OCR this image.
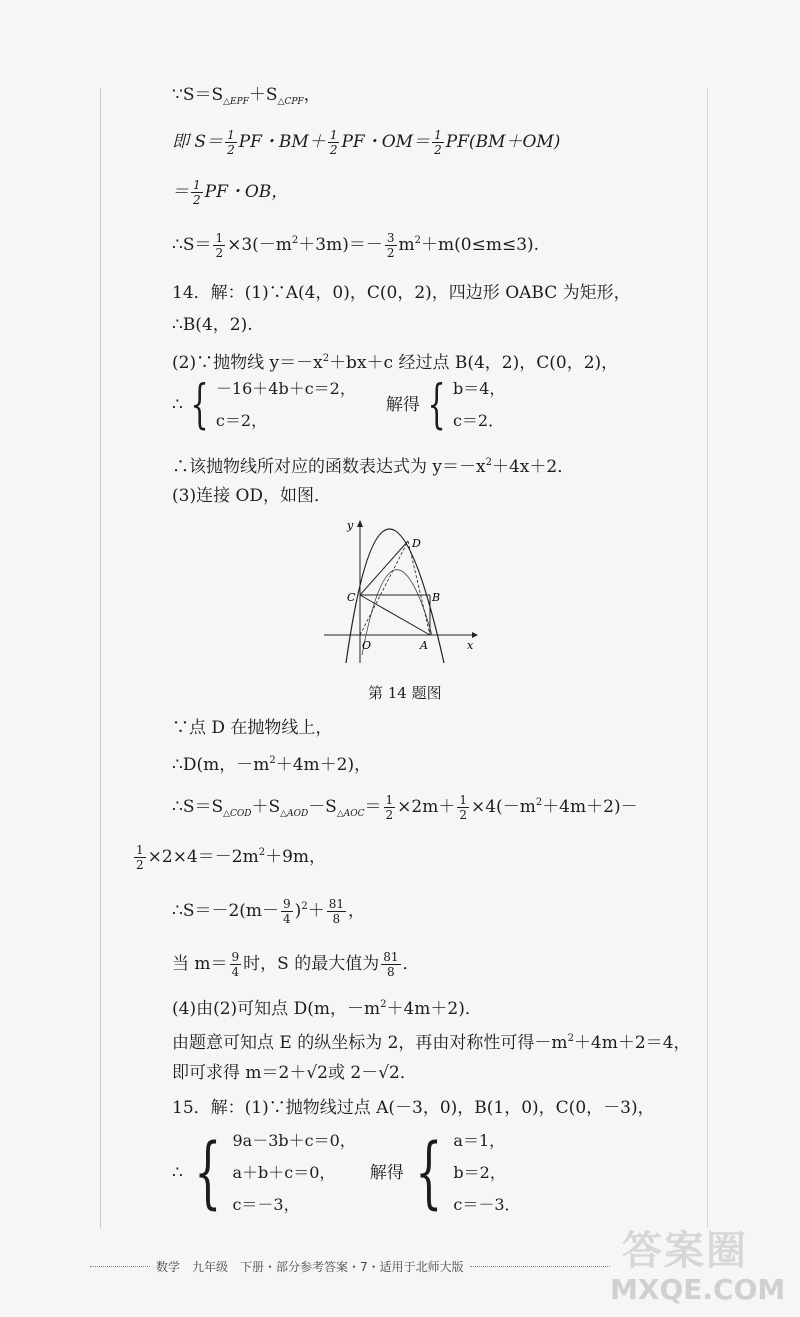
$\because S=S_{\triangle EPF}+S_{\triangle CPF}$，
即 $S= \frac{1}{2}$ PF・$BM+ \frac{1}{2}$ PF・$OM= \frac{1}{2} PF(BM+OM)$
＝ $\frac{1}{2}$ PF・OB，
∴S＝ $\frac{1}{2} \times 3(-m^2+3m)=- \frac{3}{2} m^2+m(0\le m\le 3)$.
14．解：(1)∵A(4，0)，C(0，2)，四边形 OABC 为矩形，
∴B(4，2).
(2)∵抛物线 $y=-x^2+bx+c$ 经过点 B(4，2)，C(0，2)，
∴ { －16＋4b＋c＝2，
c＝2，
解得 { b＝4，
c＝2．
∴该抛物线所对应的函数表达式为 $y=-x^2+4x+2$．
(3)连接 OD，如图．
y
x
O	A
B
C
D
第 14 题图
∵点 D 在抛物线上，
∴D(m，$-m^2+4m+2$)，
$\therefore S=S_{\triangle COD}+S_{\triangle AOD}-S_{\triangle AOC}= \frac{1}{2} \times 2m+ \frac{1}{2} \times 4(-m^2+4m+2)-$
$\frac{1}{2} \times 2\times 4=-2m^2+9m$，
∴S＝－2(m－ $\frac{9}{4} )^2+ \frac{81}{8}$ ，
当 $m= \frac{9}{4}$ 时，S 的最大值为 $\frac{81}{8}$ ．
(4)由(2)可知点 D(m，$-m^2+4m+2$)．
由题意可知点 E 的纵坐标为 2，再由对称性可得$-m^2+4m+2=4$，
即可求得 m＝2＋√2或 2－√2．
15．解：(1)∵抛物线过点 A(－3，0)，B(1，0)，C(0，－3)，
∴ { 9a－3b＋c＝0，
a＋b＋c＝0，
c＝－3，
解得 { a＝1，
b＝2，
c＝－3．
数学　九年级　下册・部分参考答案・7・适用于北师大版	答案圈
MXQE.COM
